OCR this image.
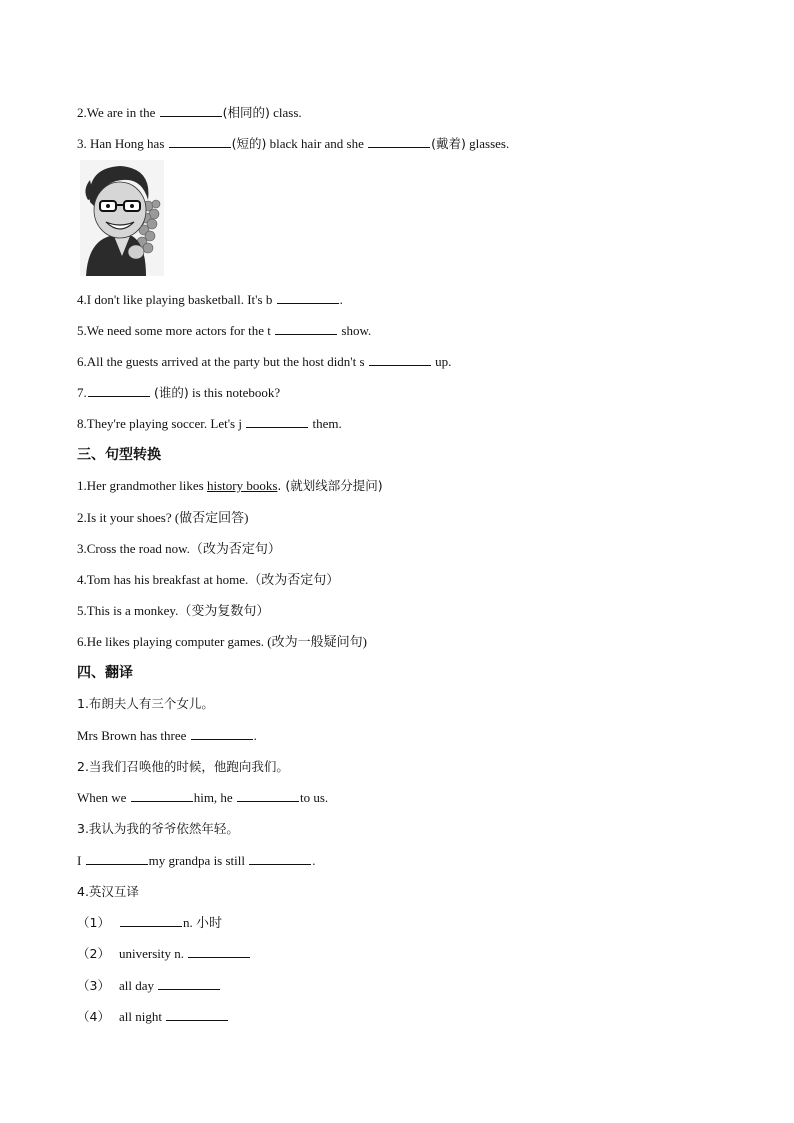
2.We are in the	(相同的) class.
3. Han Hong has	(短的) black hair and she	(戴着) glasses.
4.I don't like playing basketball. It's b	.
5.We need some more actors for the t	show.
6.All the guests arrived at the party but the host didn't s	up.
7.	(谁的) is this notebook?
8.They're playing soccer. Let's j	them.
三、句型转换
1.Her grandmother likes history books. (就划线部分提问)
2.Is it your shoes? (做否定回答)
3.Cross the road now.（改为否定句）
4.Tom has his breakfast at home.（改为否定句）
5.This is a monkey.（变为复数句）
6.He likes playing computer games. (改为一般疑问句)
四、翻译
1.布朗夫人有三个女儿。
Mrs Brown has three	.
2.当我们召唤他的时候，他跑向我们。
When we	him, he	to us.
3.我认为我的爷爷依然年轻。
I	my grandpa is still	.
4.英汉互译
（1）	n. 小时
（2） university n.
（3） all day
（4） all night
